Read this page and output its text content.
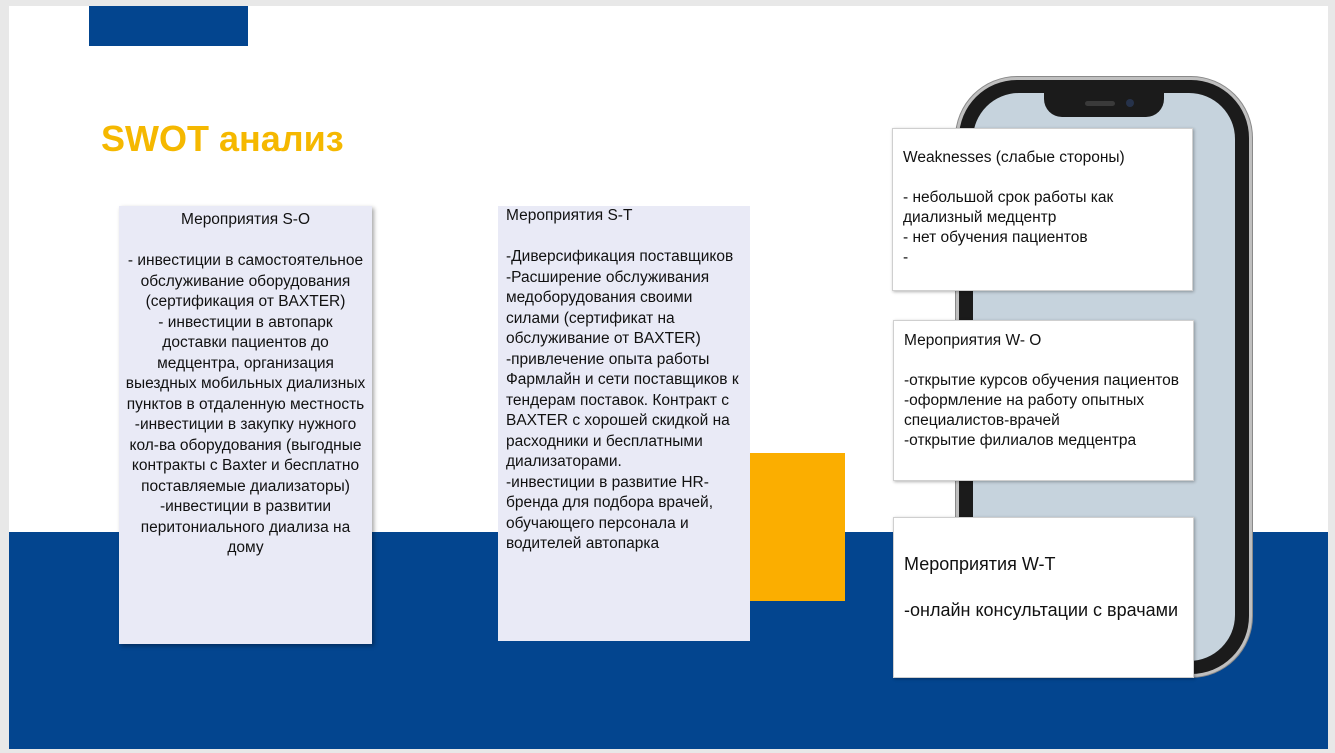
SWOT анализ
Мероприятия S-O

- инвестиции в самостоятельное обслуживание оборудования (сертификация от BAXTER)
- инвестиции в автопарк доставки пациентов до медцентра, организация выездных мобильных диализных пунктов в отдаленную местность
-инвестиции в закупку нужного кол-ва оборудования (выгодные контракты с Baxter и бесплатно поставляемые диализаторы)
-инвестиции в развитии перитониального диализа на дому
Мероприятия S-T

-Диверсификация поставщиков
-Расширение обслуживания медоборудования своими силами (сертификат на обслуживание от BAXTER)
-привлечение опыта работы Фармлайн и сети поставщиков к тендерам поставок. Контракт с BAXTER с хорошей скидкой на расходники и бесплатными диализаторами.
-инвестиции в развитие HR-бренда для подбора врачей, обучающего персонала и водителей автопарка
Weaknesses (слабые стороны)

- небольшой срок работы как диализный медцентр
- нет обучения пациентов
-
Мероприятия W- O

-открытие курсов обучения пациентов
-оформление на работу опытных специалистов-врачей
-открытие филиалов медцентра
Мероприятия W-T

-онлайн консультации с врачами
